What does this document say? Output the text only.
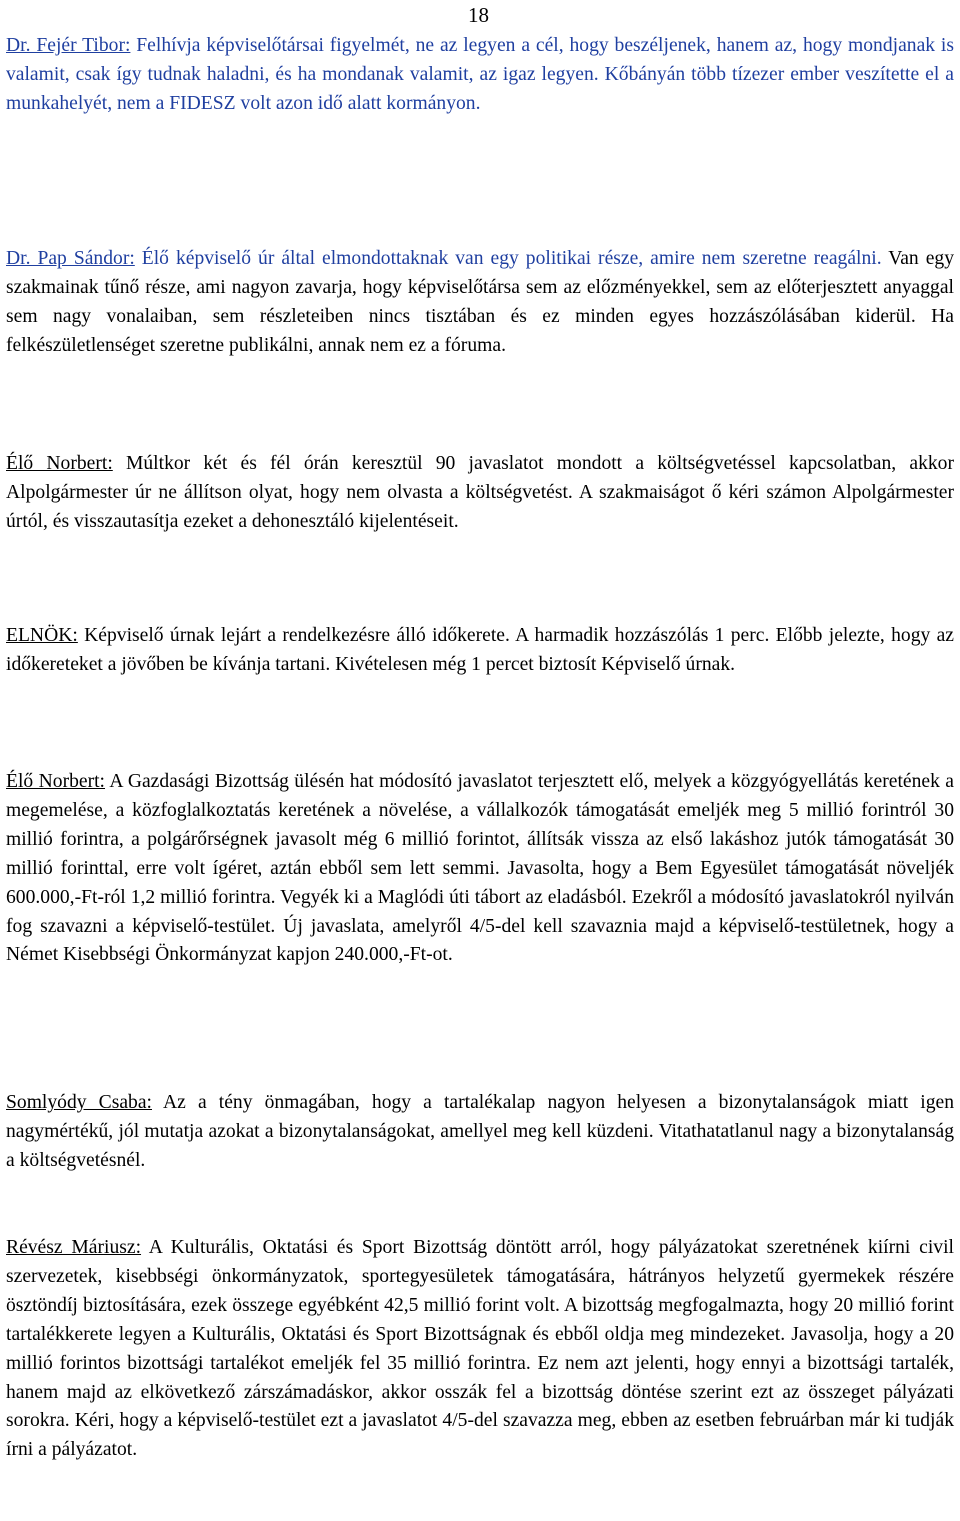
18

Dr. Fejér Tibor: Felhívja képviselőtársai figyelmét, ne az legyen a cél, hogy beszéljenek, hanem az, hogy mondjanak is valamit, csak így tudnak haladni, és ha mondanak valamit, az igaz legyen. Kőbányán több tízezer ember veszítette el a munkahelyét, nem a FIDESZ volt azon idő alatt kormányon.

Dr. Pap Sándor: Élő képviselő úr által elmondottaknak van egy politikai része, amire nem szeretne reagálni. Van egy szakmainak tűnő része, ami nagyon zavarja, hogy képviselőtársa sem az előzményekkel, sem az előterjesztett anyaggal sem nagy vonalaiban, sem részleteiben nincs tisztában és ez minden egyes hozzászólásában kiderül. Ha felkészületlenséget szeretne publikálni, annak nem ez a fóruma.

Élő Norbert: Múltkor két és fél órán keresztül 90 javaslatot mondott a költségvetéssel kapcsolatban, akkor Alpolgármester úr ne állítson olyat, hogy nem olvasta a költségvetést. A szakmaiságot ő kéri számon Alpolgármester úrtól, és visszautasítja ezeket a dehonesztáló kijelentéseit.

ELNÖK: Képviselő úrnak lejárt a rendelkezésre álló időkerete. A harmadik hozzászólás 1 perc. Előbb jelezte, hogy az időkereteket a jövőben be kívánja tartani. Kivételesen még 1 percet biztosít Képviselő úrnak.

Élő Norbert: A Gazdasági Bizottság ülésén hat módosító javaslatot terjesztett elő, melyek a közgyógyellátás keretének a megemelése, a közfoglalkoztatás keretének a növelése, a vállalkozók támogatását emeljék meg 5 millió forintról 30 millió forintra, a polgárőrségnek javasolt még 6 millió forintot, állítsák vissza az első lakáshoz jutók támogatását 30 millió forinttal, erre volt ígéret, aztán ebből sem lett semmi. Javasolta, hogy a Bem Egyesület támogatását növeljék 600.000,-Ft-ról 1,2 millió forintra. Vegyék ki a Maglódi úti tábort az eladásból. Ezekről a módosító javaslatokról nyilván fog szavazni a képviselő-testület. Új javaslata, amelyről 4/5-del kell szavaznia majd a képviselő-testületnek, hogy a Német Kisebbségi Önkormányzat kapjon 240.000,-Ft-ot.

Somlyódy Csaba: Az a tény önmagában, hogy a tartalékalap nagyon helyesen a bizonytalanságok miatt igen nagymértékű, jól mutatja azokat a bizonytalanságokat, amellyel meg kell küzdeni. Vitathatatlanul nagy a bizonytalanság a költségvetésnél.

Révész Máriusz: A Kulturális, Oktatási és Sport Bizottság döntött arról, hogy pályázatokat szeretnének kiírni civil szervezetek, kisebbségi önkormányzatok, sportegyesületek támogatására, hátrányos helyzetű gyermekek részére ösztöndíj biztosítására, ezek összege egyébként 42,5 millió forint volt. A bizottság megfogalmazta, hogy 20 millió forint tartalékkerete legyen a Kulturális, Oktatási és Sport Bizottságnak és ebből oldja meg mindezeket. Javasolja, hogy a 20 millió forintos bizottsági tartalékot emeljék fel 35 millió forintra. Ez nem azt jelenti, hogy ennyi a bizottsági tartalék, hanem majd az elkövetkező zárszámadáskor, akkor osszák fel a bizottság döntése szerint ezt az összeget pályázati sorokra. Kéri, hogy a képviselő-testület ezt a javaslatot 4/5-del szavazza meg, ebben az esetben februárban már ki tudják írni a pályázatot.
